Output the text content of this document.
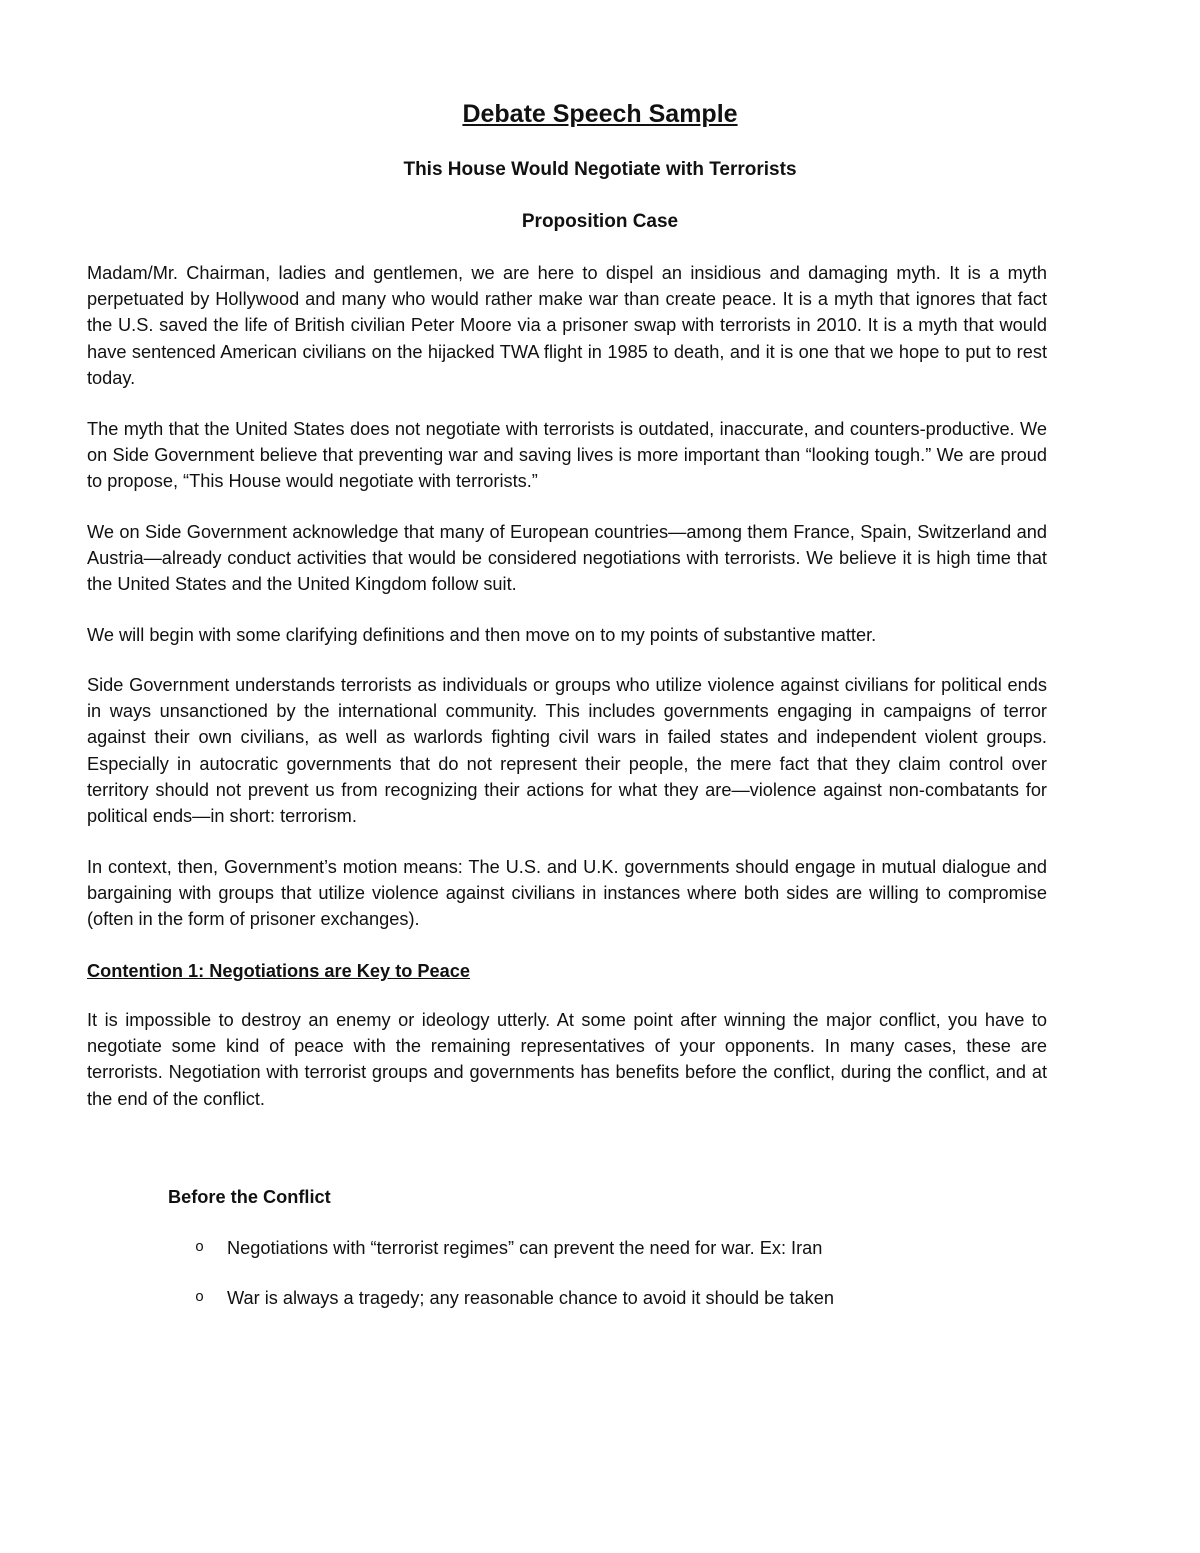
Debate Speech Sample
This House Would Negotiate with Terrorists
Proposition Case

Madam/Mr. Chairman, ladies and gentlemen, we are here to dispel an insidious and damaging myth. It is a myth perpetuated by Hollywood and many who would rather make war than create peace. It is a myth that ignores that fact the U.S. saved the life of British civilian Peter Moore via a prisoner swap with terrorists in 2010. It is a myth that would have sentenced American civilians on the hijacked TWA flight in 1985 to death, and it is one that we hope to put to rest today.

The myth that the United States does not negotiate with terrorists is outdated, inaccurate, and counters-productive. We on Side Government believe that preventing war and saving lives is more important than “looking tough.” We are proud to propose, “This House would negotiate with terrorists.”

We on Side Government acknowledge that many of European countries—among them France, Spain, Switzerland and Austria—already conduct activities that would be considered negotiations with terrorists. We believe it is high time that the United States and the United Kingdom follow suit.

We will begin with some clarifying definitions and then move on to my points of substantive matter.

Side Government understands terrorists as individuals or groups who utilize violence against civilians for political ends in ways unsanctioned by the international community. This includes governments engaging in campaigns of terror against their own civilians, as well as warlords fighting civil wars in failed states and independent violent groups. Especially in autocratic governments that do not represent their people, the mere fact that they claim control over territory should not prevent us from recognizing their actions for what they are—violence against non-combatants for political ends—in short: terrorism.

In context, then, Government’s motion means: The U.S. and U.K. governments should engage in mutual dialogue and bargaining with groups that utilize violence against civilians in instances where both sides are willing to compromise (often in the form of prisoner exchanges).

Contention 1: Negotiations are Key to Peace

It is impossible to destroy an enemy or ideology utterly. At some point after winning the major conflict, you have to negotiate some kind of peace with the remaining representatives of your opponents. In many cases, these are terrorists. Negotiation with terrorist groups and governments has benefits before the conflict, during the conflict, and at the end of the conflict.

Before the Conflict

o Negotiations with “terrorist regimes” can prevent the need for war. Ex: Iran
o War is always a tragedy; any reasonable chance to avoid it should be taken
